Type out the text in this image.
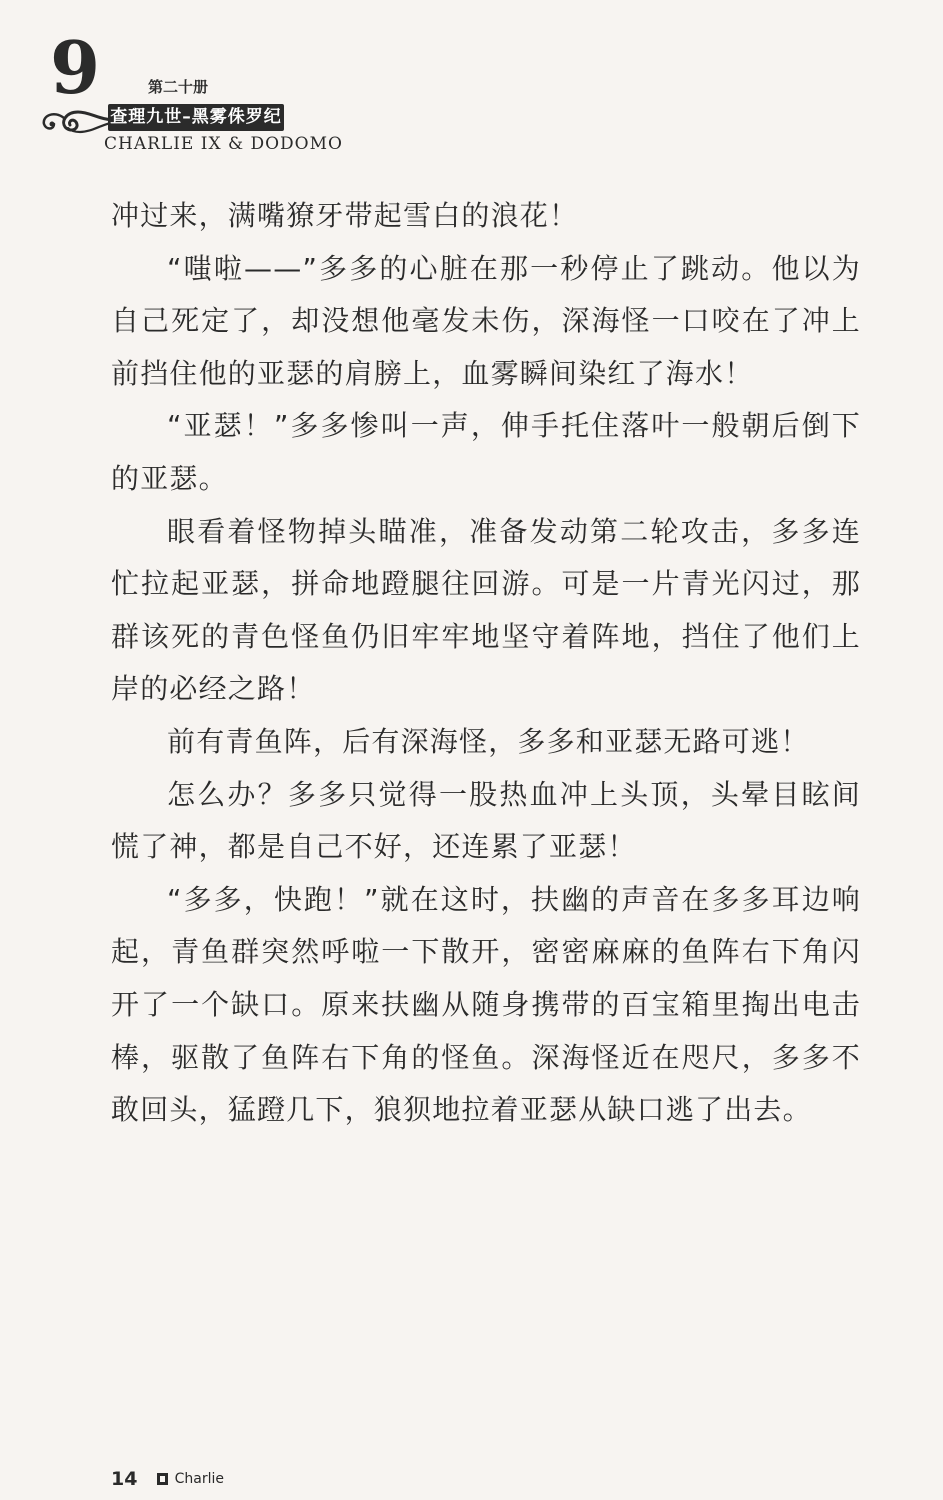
9	第二十册
查理九世–黑雾侏罗纪
CHARLIE IX & DODOMO

冲过来，满嘴獠牙带起雪白的浪花！

“嗤啦——”多多的心脏在那一秒停止了跳动。他以为自己死定了，却没想他毫发未伤，深海怪一口咬在了冲上前挡住他的亚瑟的肩膀上，血雾瞬间染红了海水！

“亚瑟！”多多惨叫一声，伸手托住落叶一般朝后倒下的亚瑟。

眼看着怪物掉头瞄准，准备发动第二轮攻击，多多连忙拉起亚瑟，拼命地蹬腿往回游。可是一片青光闪过，那群该死的青色怪鱼仍旧牢牢地坚守着阵地，挡住了他们上岸的必经之路！

前有青鱼阵，后有深海怪，多多和亚瑟无路可逃！

怎么办？多多只觉得一股热血冲上头顶，头晕目眩间慌了神，都是自己不好，还连累了亚瑟！

“多多，快跑！”就在这时，扶幽的声音在多多耳边响起，青鱼群突然呼啦一下散开，密密麻麻的鱼阵右下角闪开了一个缺口。原来扶幽从随身携带的百宝箱里掏出电击棒，驱散了鱼阵右下角的怪鱼。深海怪近在咫尺，多多不敢回头，猛蹬几下，狼狈地拉着亚瑟从缺口逃了出去。

14	Charlie
